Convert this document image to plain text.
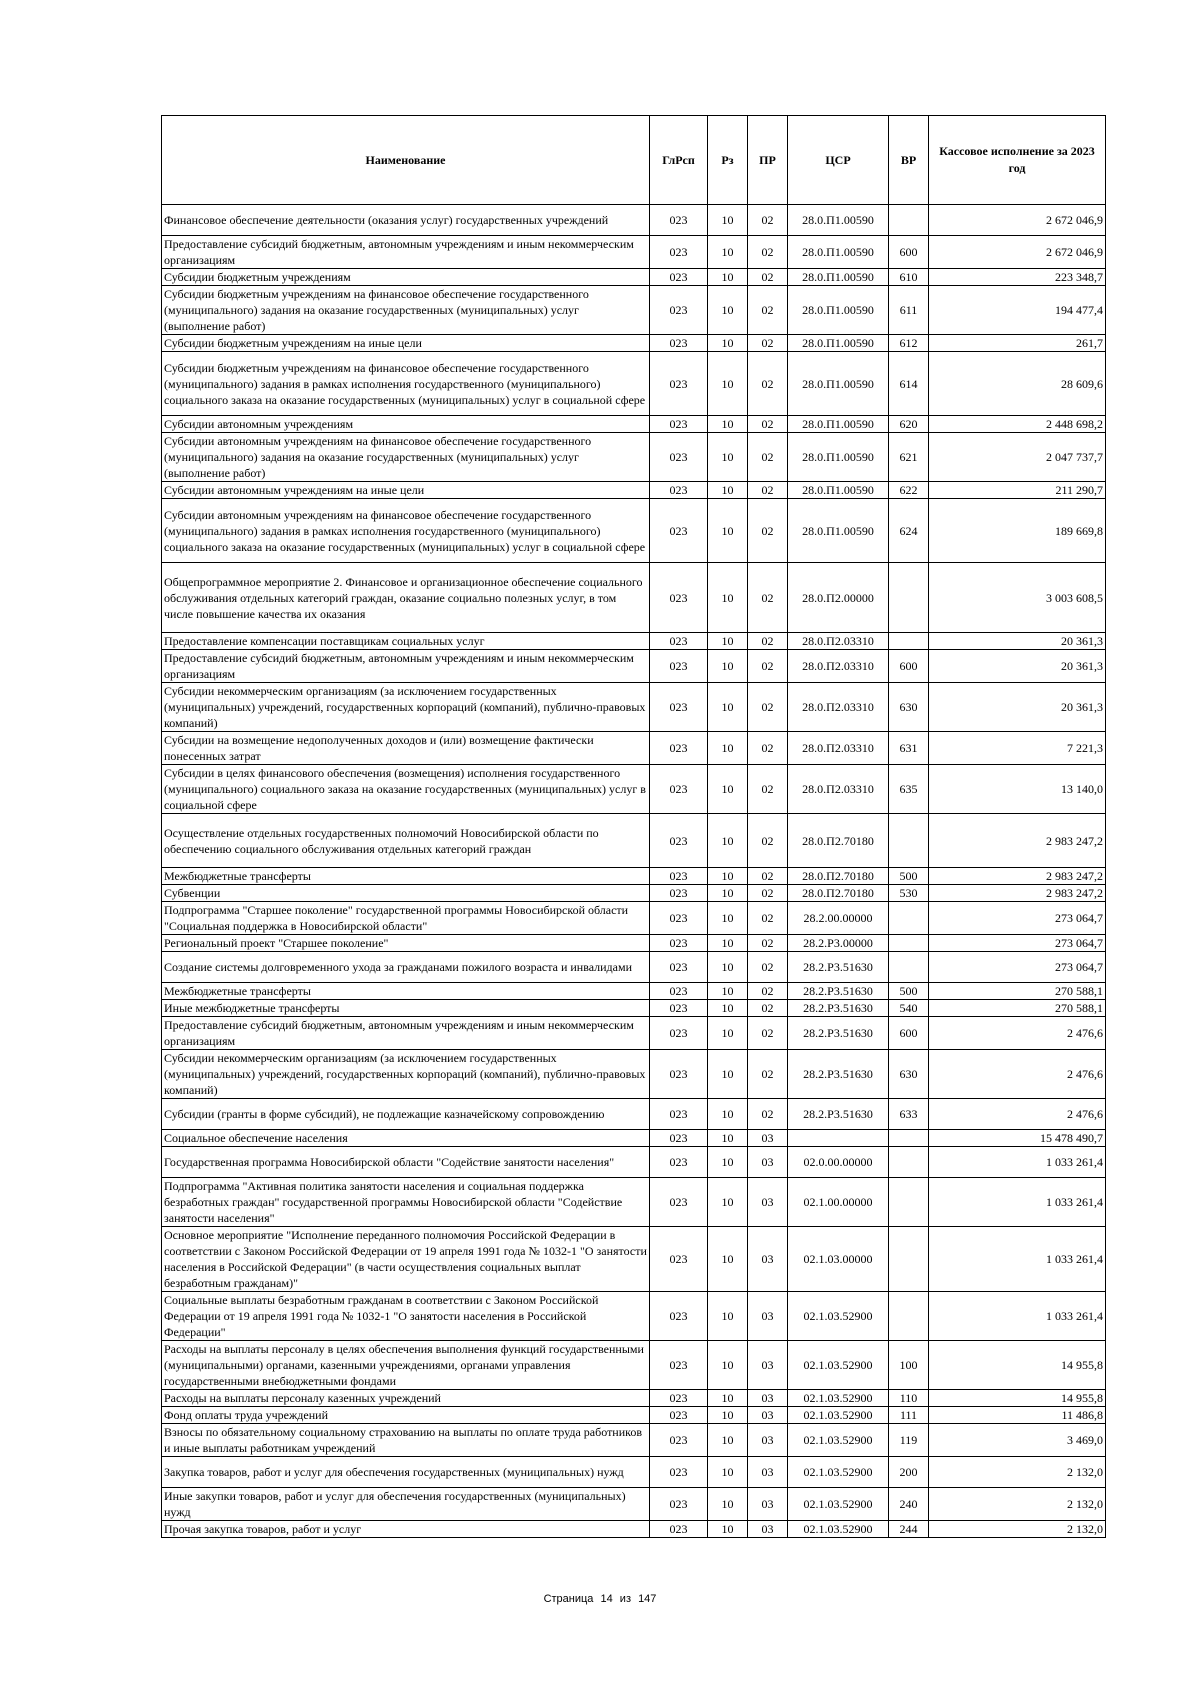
Наименование	ГлРсп	Рз	ПР	ЦСР	ВР	Кассовое исполнение за 2023 год
Финансовое обеспечение деятельности (оказания услуг) государственных учреждений	023	10	02	28.0.П1.00590		2 672 046,9
Предоставление субсидий бюджетным, автономным учреждениям и иным некоммерческим организациям	023	10	02	28.0.П1.00590	600	2 672 046,9
Субсидии бюджетным учреждениям	023	10	02	28.0.П1.00590	610	223 348,7
Субсидии бюджетным учреждениям на финансовое обеспечение государственного (муниципального) задания на оказание государственных (муниципальных) услуг (выполнение работ)	023	10	02	28.0.П1.00590	611	194 477,4
Субсидии бюджетным учреждениям на иные цели	023	10	02	28.0.П1.00590	612	261,7
Субсидии бюджетным учреждениям на финансовое обеспечение государственного (муниципального) задания в рамках исполнения государственного (муниципального) социального заказа на оказание государственных (муниципальных) услуг в социальной сфере	023	10	02	28.0.П1.00590	614	28 609,6
Субсидии автономным учреждениям	023	10	02	28.0.П1.00590	620	2 448 698,2
Субсидии автономным учреждениям на финансовое обеспечение государственного (муниципального) задания на оказание государственных (муниципальных) услуг (выполнение работ)	023	10	02	28.0.П1.00590	621	2 047 737,7
Субсидии автономным учреждениям на иные цели	023	10	02	28.0.П1.00590	622	211 290,7
Субсидии автономным учреждениям на финансовое обеспечение государственного (муниципального) задания в рамках исполнения государственного (муниципального) социального заказа на оказание государственных (муниципальных) услуг в социальной сфере	023	10	02	28.0.П1.00590	624	189 669,8
Общепрограммное мероприятие 2. Финансовое и организационное обеспечение социального обслуживания отдельных категорий граждан, оказание социально полезных услуг, в том числе повышение качества их оказания	023	10	02	28.0.П2.00000		3 003 608,5
Предоставление компенсации поставщикам социальных услуг	023	10	02	28.0.П2.03310		20 361,3
Предоставление субсидий бюджетным, автономным учреждениям и иным некоммерческим организациям	023	10	02	28.0.П2.03310	600	20 361,3
Субсидии некоммерческим организациям (за исключением государственных (муниципальных) учреждений, государственных корпораций (компаний), публично-правовых компаний)	023	10	02	28.0.П2.03310	630	20 361,3
Субсидии на возмещение недополученных доходов и (или) возмещение фактически понесенных затрат	023	10	02	28.0.П2.03310	631	7 221,3
Субсидии в целях финансового обеспечения (возмещения) исполнения государственного (муниципального) социального заказа на оказание государственных (муниципальных) услуг в социальной сфере	023	10	02	28.0.П2.03310	635	13 140,0
Осуществление отдельных государственных полномочий Новосибирской области по обеспечению социального обслуживания отдельных категорий граждан	023	10	02	28.0.П2.70180		2 983 247,2
Межбюджетные трансферты	023	10	02	28.0.П2.70180	500	2 983 247,2
Субвенции	023	10	02	28.0.П2.70180	530	2 983 247,2
Подпрограмма "Старшее поколение" государственной программы Новосибирской области "Социальная поддержка в Новосибирской области"	023	10	02	28.2.00.00000		273 064,7
Региональный проект "Старшее поколение"	023	10	02	28.2.P3.00000		273 064,7
Создание системы долговременного ухода за гражданами пожилого возраста и инвалидами	023	10	02	28.2.P3.51630		273 064,7
Межбюджетные трансферты	023	10	02	28.2.P3.51630	500	270 588,1
Иные межбюджетные трансферты	023	10	02	28.2.P3.51630	540	270 588,1
Предоставление субсидий бюджетным, автономным учреждениям и иным некоммерческим организациям	023	10	02	28.2.P3.51630	600	2 476,6
Субсидии некоммерческим организациям (за исключением государственных (муниципальных) учреждений, государственных корпораций (компаний), публично-правовых компаний)	023	10	02	28.2.P3.51630	630	2 476,6
Субсидии (гранты в форме субсидий), не подлежащие казначейскому сопровождению	023	10	02	28.2.P3.51630	633	2 476,6
Социальное обеспечение населения	023	10	03			15 478 490,7
Государственная программа Новосибирской области "Содействие занятости населения"	023	10	03	02.0.00.00000		1 033 261,4
Подпрограмма "Активная политика занятости населения и социальная поддержка безработных граждан" государственной программы Новосибирской области "Содействие занятости населения"	023	10	03	02.1.00.00000		1 033 261,4
Основное мероприятие "Исполнение переданного полномочия Российской Федерации в соответствии с Законом Российской Федерации от 19 апреля 1991 года № 1032-1 "О занятости населения в Российской Федерации" (в части осуществления социальных выплат безработным гражданам)"	023	10	03	02.1.03.00000		1 033 261,4
Социальные выплаты безработным гражданам в соответствии с Законом Российской Федерации от 19 апреля 1991 года № 1032-1 "О занятости населения в Российской Федерации"	023	10	03	02.1.03.52900		1 033 261,4
Расходы на выплаты персоналу в целях обеспечения выполнения функций государственными (муниципальными) органами, казенными учреждениями, органами управления государственными внебюджетными фондами	023	10	03	02.1.03.52900	100	14 955,8
Расходы на выплаты персоналу казенных учреждений	023	10	03	02.1.03.52900	110	14 955,8
Фонд оплаты труда учреждений	023	10	03	02.1.03.52900	111	11 486,8
Взносы по обязательному социальному страхованию на выплаты по оплате труда работников и иные выплаты работникам учреждений	023	10	03	02.1.03.52900	119	3 469,0
Закупка товаров, работ и услуг для обеспечения государственных (муниципальных) нужд	023	10	03	02.1.03.52900	200	2 132,0
Иные закупки товаров, работ и услуг для обеспечения государственных (муниципальных) нужд	023	10	03	02.1.03.52900	240	2 132,0
Прочая закупка товаров, работ и услуг	023	10	03	02.1.03.52900	244	2 132,0
Страница 14 из 147
